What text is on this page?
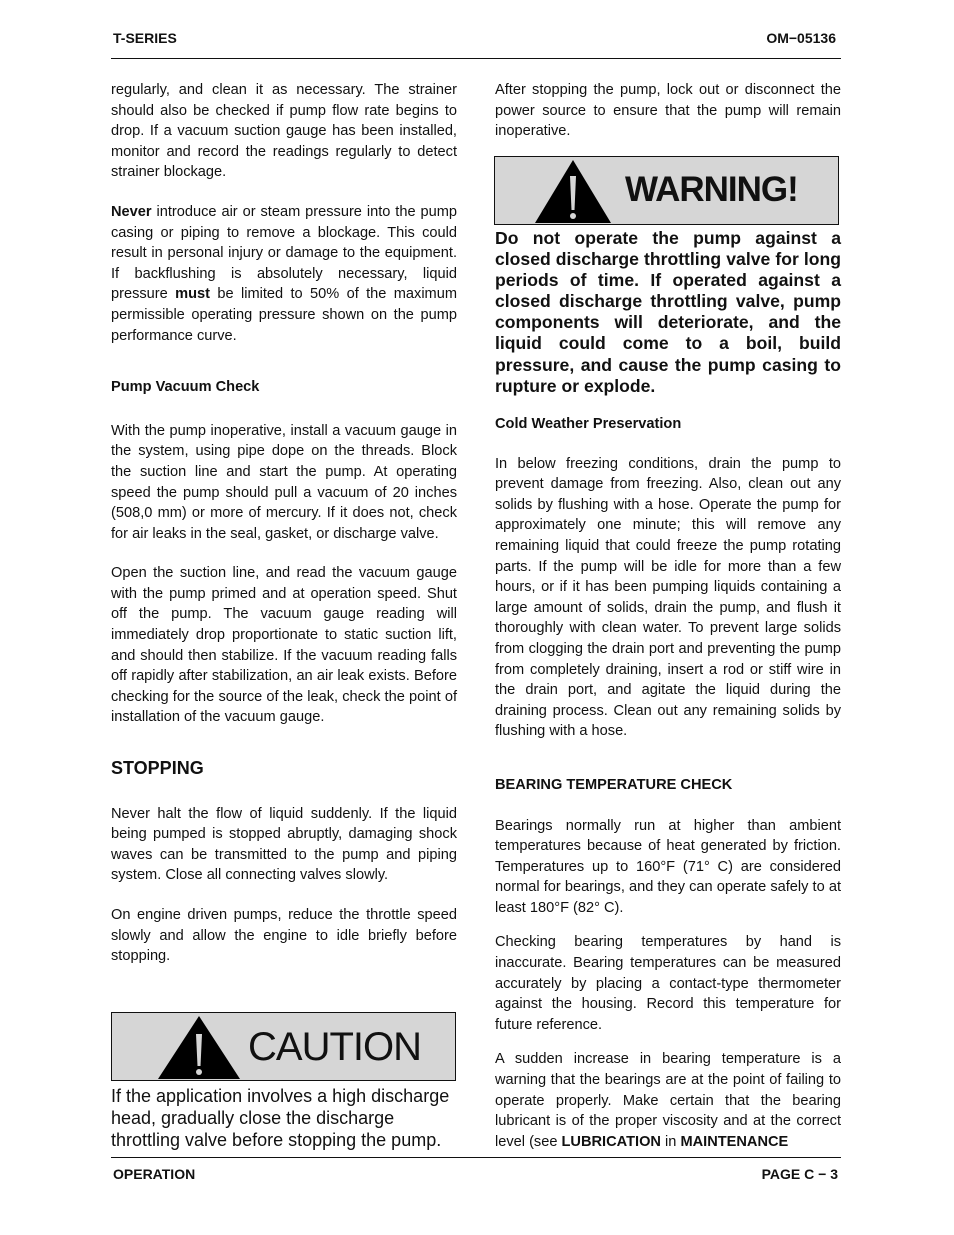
T-SERIES	OM−05136

regularly, and clean it as necessary. The strainer should also be checked if pump flow rate begins to drop. If a vacuum suction gauge has been installed, monitor and record the readings regularly to detect strainer blockage.

Never introduce air or steam pressure into the pump casing or piping to remove a blockage. This could result in personal injury or damage to the equipment. If backflushing is absolutely necessary, liquid pressure must be limited to 50% of the maximum permissible operating pressure shown on the pump performance curve.

Pump Vacuum Check

With the pump inoperative, install a vacuum gauge in the system, using pipe dope on the threads. Block the suction line and start the pump. At operating speed the pump should pull a vacuum of 20 inches (508,0 mm) or more of mercury. If it does not, check for air leaks in the seal, gasket, or discharge valve.

Open the suction line, and read the vacuum gauge with the pump primed and at operation speed. Shut off the pump. The vacuum gauge reading will immediately drop proportionate to static suction lift, and should then stabilize. If the vacuum reading falls off rapidly after stabilization, an air leak exists. Before checking for the source of the leak, check the point of installation of the vacuum gauge.

STOPPING

Never halt the flow of liquid suddenly. If the liquid being pumped is stopped abruptly, damaging shock waves can be transmitted to the pump and piping system. Close all connecting valves slowly.

On engine driven pumps, reduce the throttle speed slowly and allow the engine to idle briefly before stopping.

CAUTION
If the application involves a high discharge head, gradually close the discharge throttling valve before stopping the pump.

After stopping the pump, lock out or disconnect the power source to ensure that the pump will remain inoperative.

WARNING!
Do not operate the pump against a closed discharge throttling valve for long periods of time. If operated against a closed discharge throttling valve, pump components will deteriorate, and the liquid could come to a boil, build pressure, and cause the pump casing to rupture or explode.

Cold Weather Preservation

In below freezing conditions, drain the pump to prevent damage from freezing. Also, clean out any solids by flushing with a hose. Operate the pump for approximately one minute; this will remove any remaining liquid that could freeze the pump rotating parts. If the pump will be idle for more than a few hours, or if it has been pumping liquids containing a large amount of solids, drain the pump, and flush it thoroughly with clean water. To prevent large solids from clogging the drain port and preventing the pump from completely draining, insert a rod or stiff wire in the drain port, and agitate the liquid during the draining process. Clean out any remaining solids by flushing with a hose.

BEARING TEMPERATURE CHECK

Bearings normally run at higher than ambient temperatures because of heat generated by friction. Temperatures up to 160°F (71° C) are considered normal for bearings, and they can operate safely to at least 180°F (82° C).

Checking bearing temperatures by hand is inaccurate. Bearing temperatures can be measured accurately by placing a contact-type thermometer against the housing. Record this temperature for future reference.

A sudden increase in bearing temperature is a warning that the bearings are at the point of failing to operate properly. Make certain that the bearing lubricant is of the proper viscosity and at the correct level (see LUBRICATION in MAINTENANCE

OPERATION	PAGE C − 3
